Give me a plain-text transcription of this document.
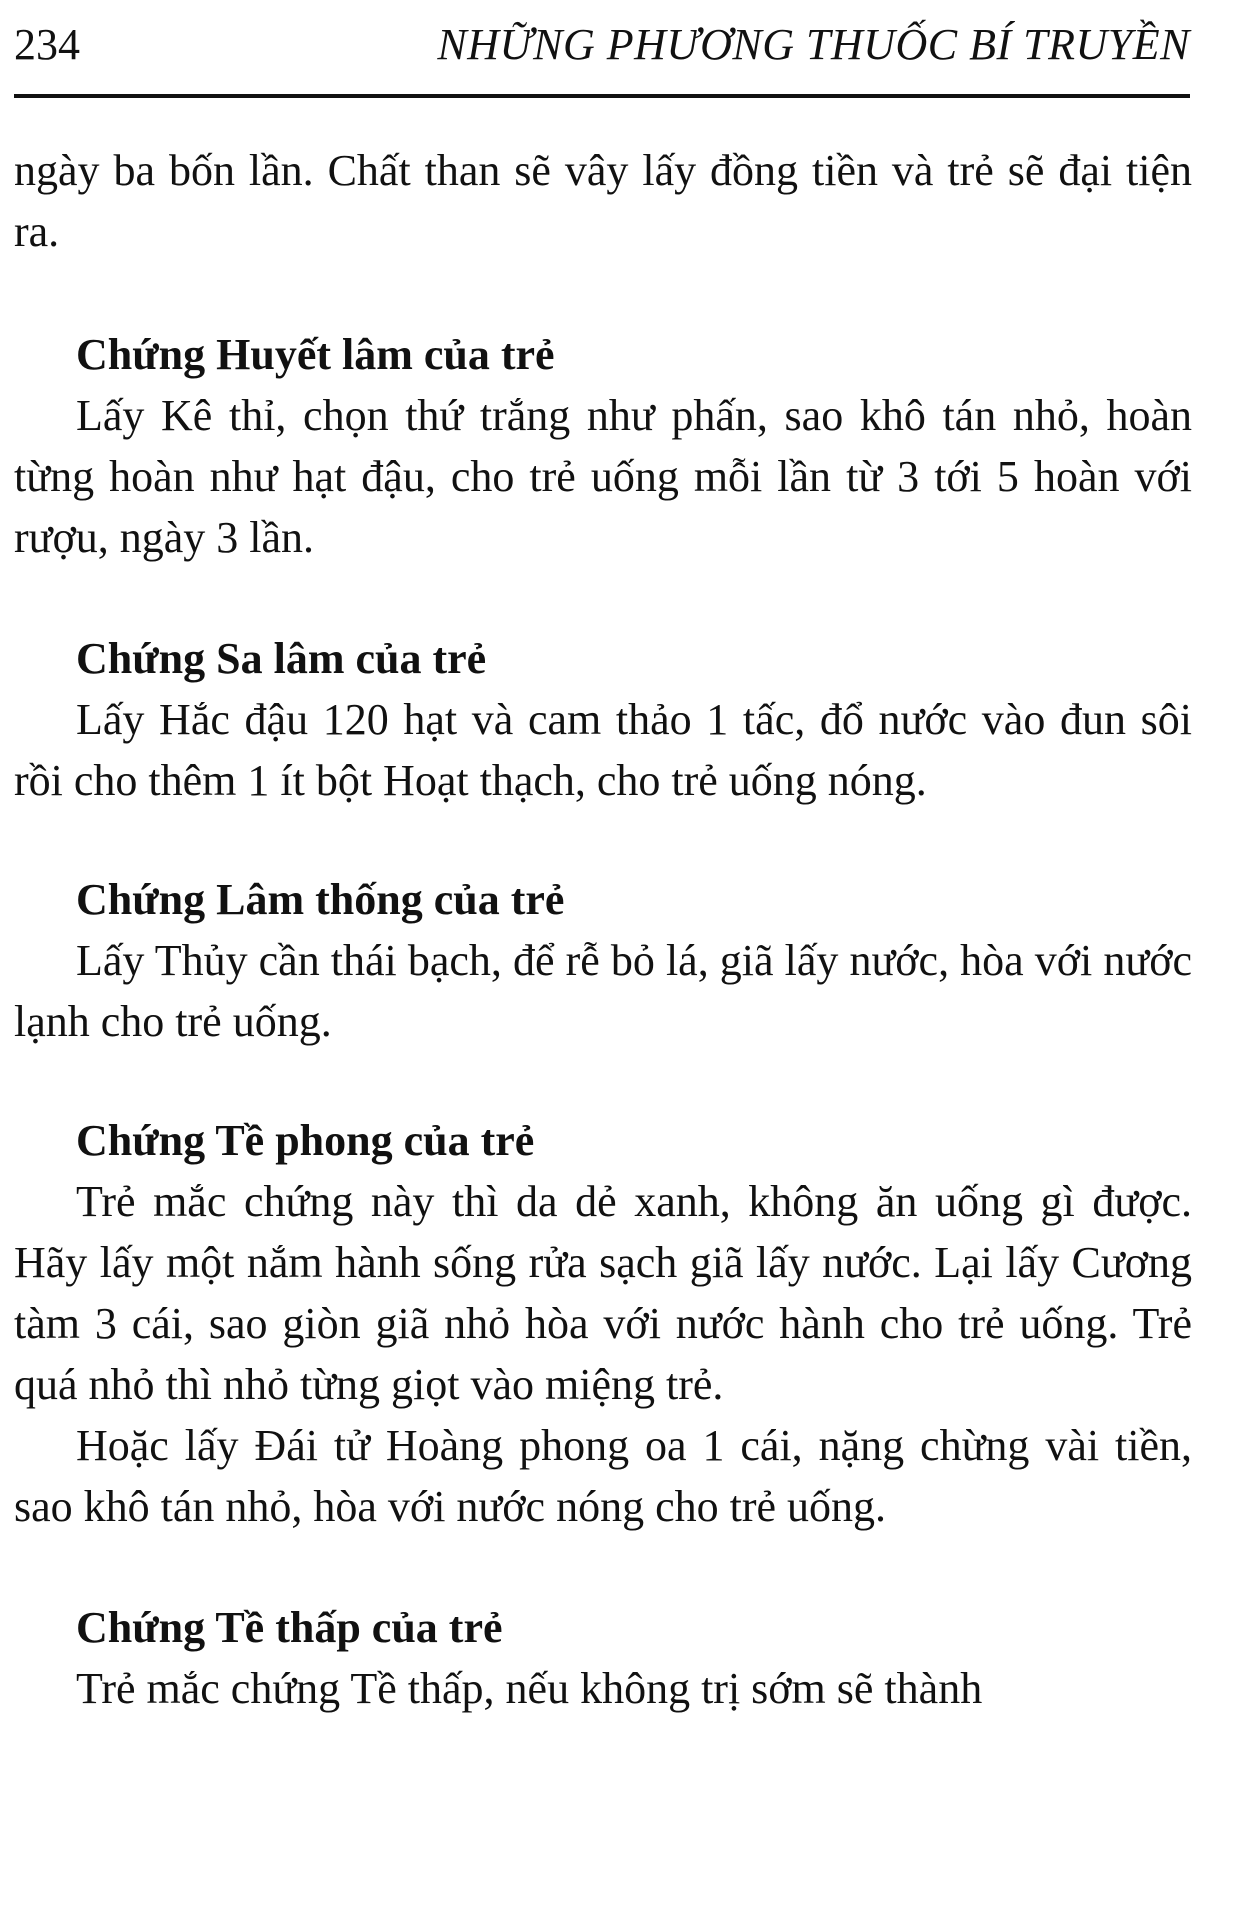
234	NHỮNG PHƯƠNG THUỐC BÍ TRUYỀN

ngày ba bốn lần. Chất than sẽ vây lấy đồng tiền và trẻ sẽ đại tiện ra.

Chứng Huyết lâm của trẻ

Lấy Kê thỉ, chọn thứ trắng như phấn, sao khô tán nhỏ, hoàn từng hoàn như hạt đậu, cho trẻ uống mỗi lần từ 3 tới 5 hoàn với rượu, ngày 3 lần.

Chứng Sa lâm của trẻ

Lấy Hắc đậu 120 hạt và cam thảo 1 tấc, đổ nước vào đun sôi rồi cho thêm 1 ít bột Hoạt thạch, cho trẻ uống nóng.

Chứng Lâm thống của trẻ

Lấy Thủy cần thái bạch, để rễ bỏ lá, giã lấy nước, hòa với nước lạnh cho trẻ uống.

Chứng Tề phong của trẻ

Trẻ mắc chứng này thì da dẻ xanh, không ăn uống gì được. Hãy lấy một nắm hành sống rửa sạch giã lấy nước. Lại lấy Cương tàm 3 cái, sao giòn giã nhỏ hòa với nước hành cho trẻ uống. Trẻ quá nhỏ thì nhỏ từng giọt vào miệng trẻ.

Hoặc lấy Đái tử Hoàng phong oa 1 cái, nặng chừng vài tiền, sao khô tán nhỏ, hòa với nước nóng cho trẻ uống.

Chứng Tề thấp của trẻ

Trẻ mắc chứng Tề thấp, nếu không trị sớm sẽ thành
